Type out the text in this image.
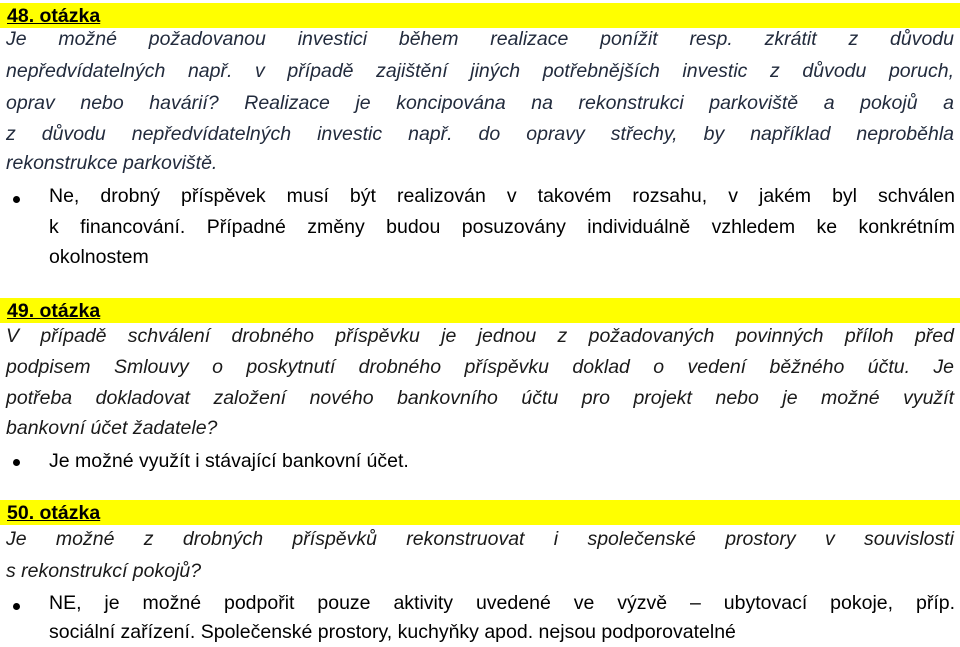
48. otázka
Je možné požadovanou investici během realizace ponížit resp. zkrátit z důvodu
nepředvídatelných např. v případě zajištění jiných potřebnějších investic z důvodu poruch,
oprav nebo havárií? Realizace je koncipována na rekonstrukci parkoviště a pokojů a
z důvodu nepředvídatelných investic např. do opravy střechy, by například neproběhla
rekonstrukce parkoviště.
Ne, drobný příspěvek musí být realizován v takovém rozsahu, v jakém byl schválen
k financování. Případné změny budou posuzovány individuálně vzhledem ke konkrétním
okolnostem
49. otázka
V případě schválení drobného příspěvku je jednou z požadovaných povinných příloh před
podpisem Smlouvy o poskytnutí drobného příspěvku doklad o vedení běžného účtu. Je
potřeba dokladovat založení nového bankovního účtu pro projekt nebo je možné využít
bankovní účet žadatele?
Je možné využít i stávající bankovní účet.
50. otázka
Je možné z drobných příspěvků rekonstruovat i společenské prostory v souvislosti
s rekonstrukcí pokojů?
NE, je možné podpořit pouze aktivity uvedené ve výzvě – ubytovací pokoje, příp.
sociální zařízení. Společenské prostory, kuchyňky apod. nejsou podporovatelné
